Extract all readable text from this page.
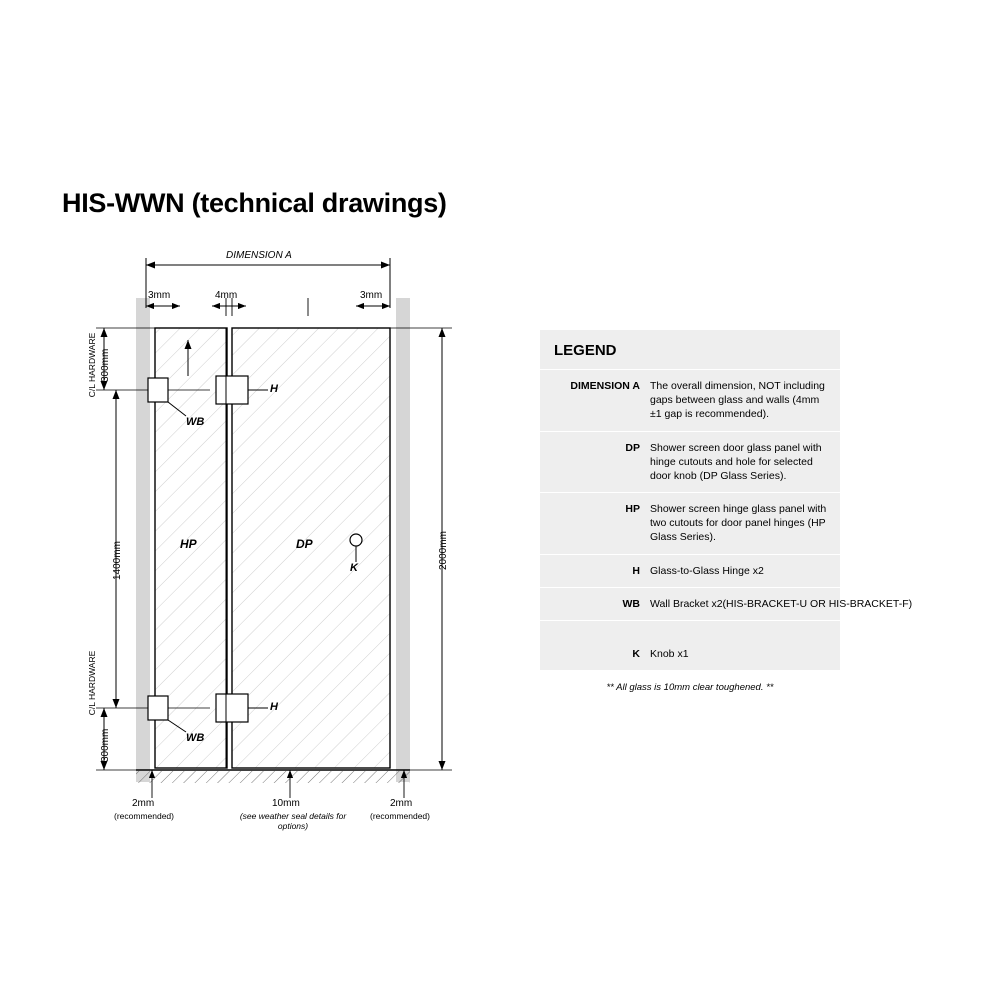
HIS-WWN (technical drawings)
DIMENSION A
3mm	4mm	3mm
2000mm
1400mm
300mm
300mm
C/L HARDWARE
C/L HARDWARE
HP	DP
H
H
WB
WB
K
2mm
(recommended)
10mm
(see weather seal details for options)
2mm
(recommended)
LEGEND
DIMENSION A The overall dimension, NOT including gaps between glass and walls (4mm ±1 gap is recommended).
DP Shower screen door glass panel with hinge cutouts and hole for selected door knob (DP Glass Series).
HP Shower screen hinge glass panel with two cutouts for door panel hinges (HP Glass Series).
H Glass-to-Glass Hinge x2
WB Wall Bracket x2(HIS-BRACKET-U OR HIS-BRACKET-F)
K Knob x1
** All glass is 10mm clear toughened. **
